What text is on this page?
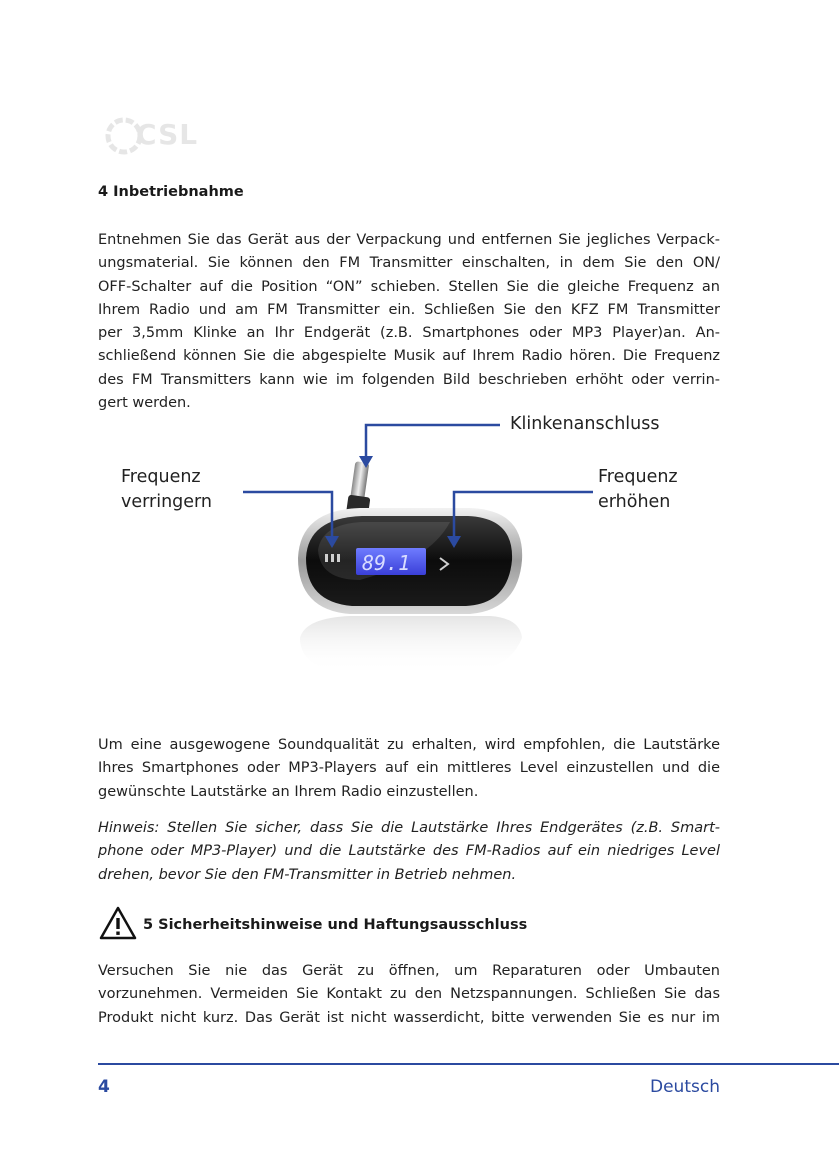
CSL
4 Inbetriebnahme
Entnehmen Sie das Gerät aus der Verpackung und entfernen Sie jegliches Verpack-
ungsmaterial. Sie können den FM Transmitter einschalten, in dem Sie den ON/
OFF-Schalter auf die Position “ON” schieben. Stellen Sie die gleiche Frequenz an
Ihrem Radio und am FM Transmitter ein. Schließen Sie den KFZ FM Transmitter
per 3,5mm Klinke an Ihr Endgerät (z.B. Smartphones oder MP3 Player)an. An-
schließend können Sie die abgespielte Musik auf Ihrem Radio hören. Die Frequenz
des FM Transmitters kann wie im folgenden Bild beschrieben erhöht oder verrin-
gert werden.
89.1
Klinkenanschluss
Frequenz
verringern
Frequenz
erhöhen
Um eine ausgewogene Soundqualität zu erhalten, wird empfohlen, die Lautstärke
Ihres Smartphones oder MP3-Players auf ein mittleres Level einzustellen und die
gewünschte Lautstärke an Ihrem Radio einzustellen.
Hinweis: Stellen Sie sicher, dass Sie die Lautstärke Ihres Endgerätes (z.B. Smart-
phone oder MP3-Player) und die Lautstärke des FM-Radios auf ein niedriges Level
drehen, bevor Sie den FM-Transmitter in Betrieb nehmen.
5 Sicherheitshinweise und Haftungsausschluss
Versuchen Sie nie das Gerät zu öffnen, um Reparaturen oder Umbauten
vorzunehmen. Vermeiden Sie Kontakt zu den Netzspannungen. Schließen Sie das
Produkt nicht kurz. Das Gerät ist nicht wasserdicht, bitte verwenden Sie es nur im
4	Deutsch
